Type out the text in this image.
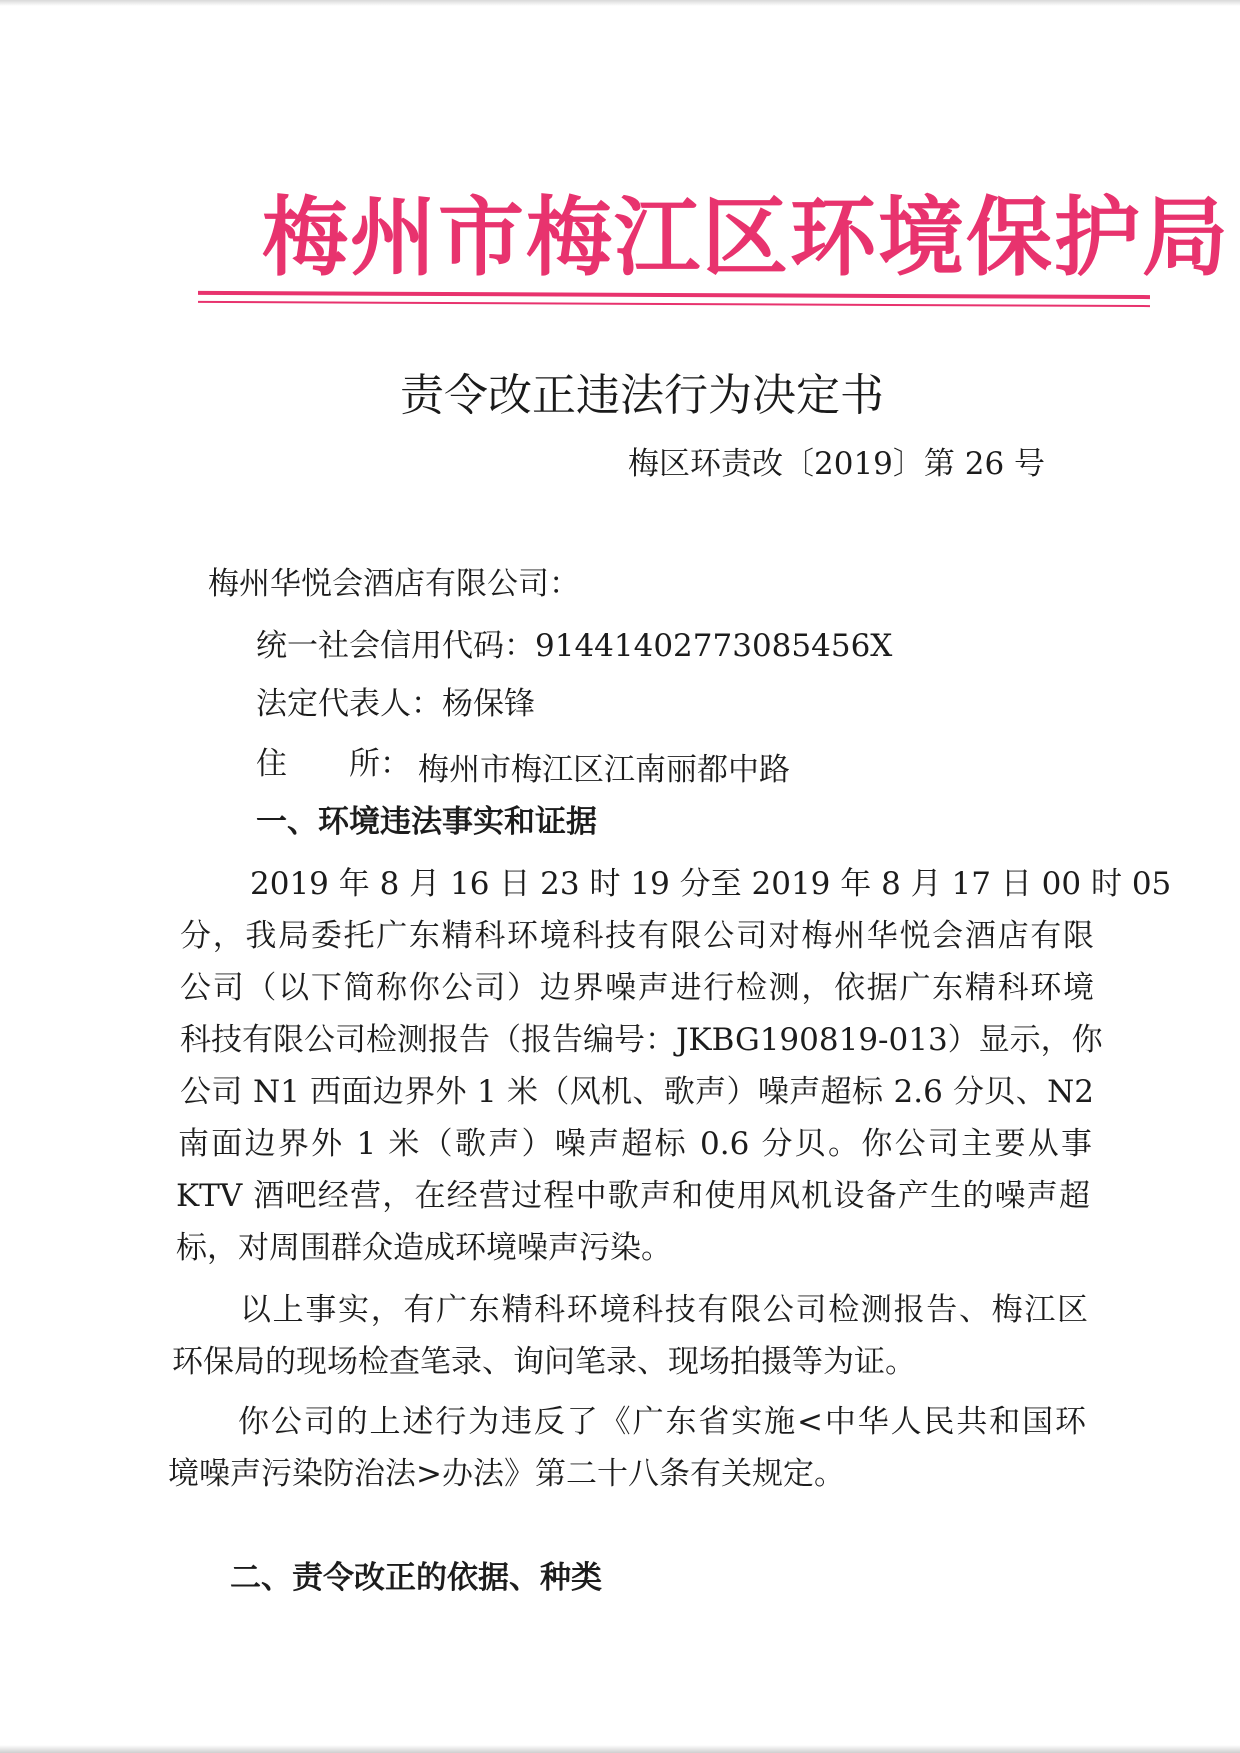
梅州市梅江区环境保护局
责令改正违法行为决定书
梅区环责改〔2019〕第 26 号
梅州华悦会酒店有限公司：
统一社会信用代码：91441402773085456X
法定代表人：杨保锋
住　　所： 梅州市梅江区江南丽都中路
一、环境违法事实和证据
2019 年 8 月 16 日 23 时 19 分至 2019 年 8 月 17 日 00 时 05
分，我局委托广东精科环境科技有限公司对梅州华悦会酒店有限
公司（以下简称你公司）边界噪声进行检测，依据广东精科环境
科技有限公司检测报告（报告编号：JKBG190819-013）显示，你
公司 N1 西面边界外 1 米（风机、歌声）噪声超标 2.6 分贝、N2
南面边界外 1 米（歌声）噪声超标 0.6 分贝。你公司主要从事
KTV 酒吧经营，在经营过程中歌声和使用风机设备产生的噪声超
标，对周围群众造成环境噪声污染。
以上事实，有广东精科环境科技有限公司检测报告、梅江区
环保局的现场检查笔录、询问笔录、现场拍摄等为证。
你公司的上述行为违反了《广东省实施<中华人民共和国环
境噪声污染防治法>办法》第二十八条有关规定。
二、责令改正的依据、种类
